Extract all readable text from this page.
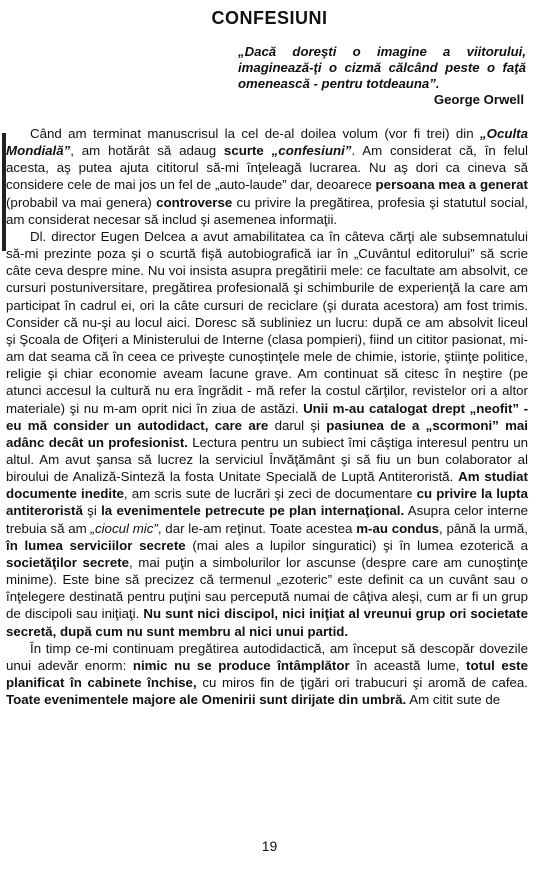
CONFESIUNI
„Dacă doreşti o imagine a viitorului, imaginează-ţi o cizmă călcând peste o faţă omenească - pentru totdeauna”.
George Orwell

Când am terminat manuscrisul la cel de-al doilea volum (vor fi trei) din „Oculta Mondială”, am hotărât să adaug scurte „confesiuni”. Am considerat că, în felul acesta, aş putea ajuta cititorul să-mi înţeleagă lucrarea. Nu aş dori ca cineva să considere cele de mai jos un fel de „auto-laude” dar, deoarece persoana mea a generat (probabil va mai genera) controverse cu privire la pregătirea, profesia şi statutul social, am considerat necesar să includ şi asemenea informaţii.

Dl. director Eugen Delcea a avut amabilitatea ca în câteva cărţi ale subsemnatului să-mi prezinte poza şi o scurtă fişă autobiografică iar în „Cuvântul editorului” să scrie câte ceva despre mine. Nu voi insista asupra pregătirii mele: ce facultate am absolvit, ce cursuri postuniversitare, pregătirea profesională şi schimburile de experienţă la care am participat în cadrul ei, ori la câte cursuri de reciclare (şi durata acestora) am fost trimis. Consider că nu-şi au locul aici. Doresc să subliniez un lucru: după ce am absolvit liceul şi Şcoala de Ofiţeri a Ministerului de Interne (clasa pompieri), fiind un cititor pasionat, mi-am dat seama că în ceea ce priveşte cunoştinţele mele de chimie, istorie, ştiinţe politice, religie şi chiar economie aveam lacune grave. Am continuat să citesc în neştire (pe atunci accesul la cultură nu era îngrădit - mă refer la costul cărţilor, revistelor ori a altor materiale) şi nu m-am oprit nici în ziua de astăzi. Unii m-au catalogat drept „neofit” - eu mă consider un autodidact, care are darul şi pasiunea de a „scormoni” mai adânc decât un profesionist. Lectura pentru un subiect îmi câştiga interesul pentru un altul. Am avut şansa să lucrez la serviciul Învăţământ şi să fiu un bun colaborator al biroului de Analiză-Sinteză la fosta Unitate Specială de Luptă Antiteroristă. Am studiat documente inedite, am scris sute de lucrări şi zeci de documentare cu privire la lupta antiteroristă şi la evenimentele petrecute pe plan internaţional. Asupra celor interne trebuia să am „ciocul mic”, dar le-am reţinut. Toate acestea m-au condus, până la urmă, în lumea serviciilor secrete (mai ales a lupilor singuratici) şi în lumea ezoterică a societăţilor secrete, mai puţin a simbolurilor lor ascunse (despre care am cunoştinţe minime). Este bine să precizez că termenul „ezoteric” este definit ca un cuvânt sau o înţelegere destinată pentru puţini sau percepută numai de câţiva aleşi, cum ar fi un grup de discipoli sau iniţiaţi. Nu sunt nici discipol, nici iniţiat al vreunui grup ori societate secretă, după cum nu sunt membru al nici unui partid.

În timp ce-mi continuam pregătirea autodidactică, am început să descopăr dovezile unui adevăr enorm: nimic nu se produce întâmplător în această lume, totul este planificat în cabinete închise, cu miros fin de ţigări ori trabucuri şi aromă de cafea. Toate evenimentele majore ale Omenirii sunt dirijate din umbră. Am citit sute de

19
